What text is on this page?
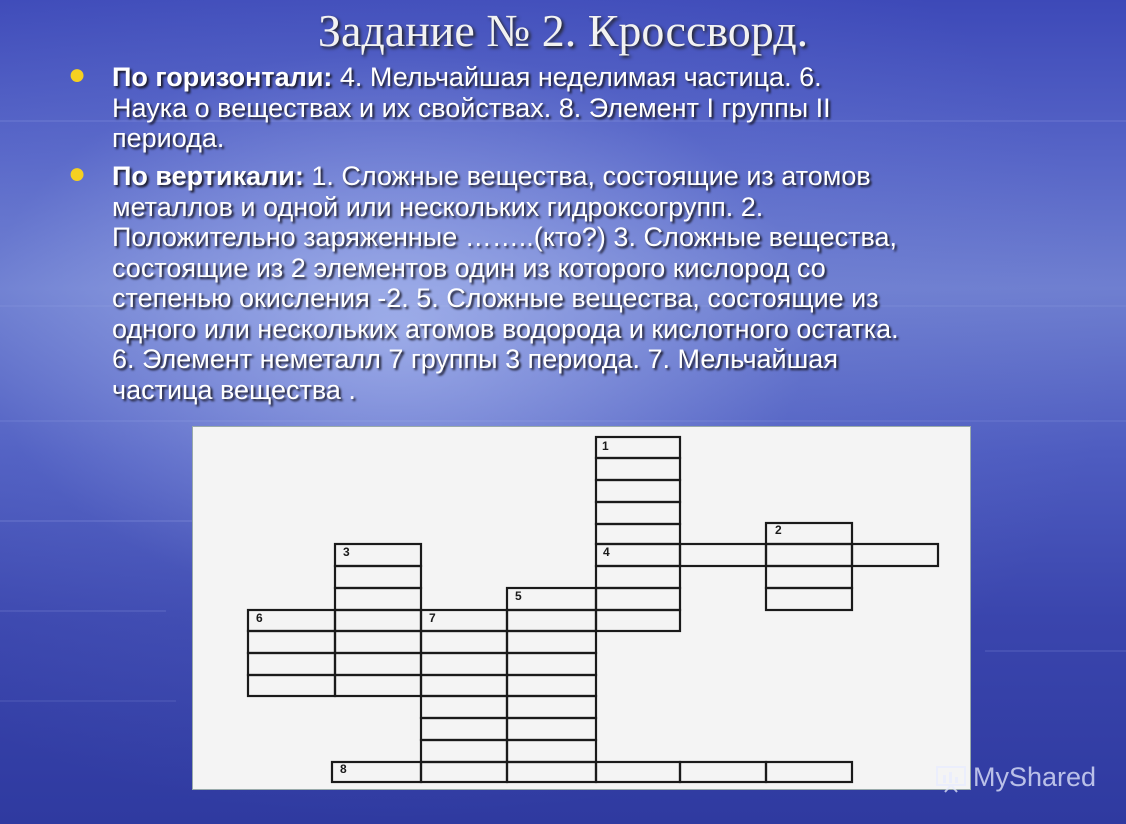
Задание № 2. Кроссворд.
● По горизонтали: 4. Мельчайшая неделимая частица. 6.
Наука о веществах и их свойствах. 8. Элемент I группы II
периода.
● По вертикали: 1. Сложные вещества, состоящие из атомов
металлов и одной или нескольких гидроксогрупп. 2.
Положительно заряженные ……..(кто?) 3. Сложные вещества,
состоящие из 2 элементов один из которого кислород со
степенью окисления -2. 5. Сложные вещества, состоящие из
одного или нескольких атомов водорода и кислотного остатка.
6. Элемент неметалл 7 группы 3 периода. 7. Мельчайшая
частица вещества .
1
2
3	4
5
6	7
8	MyShared
